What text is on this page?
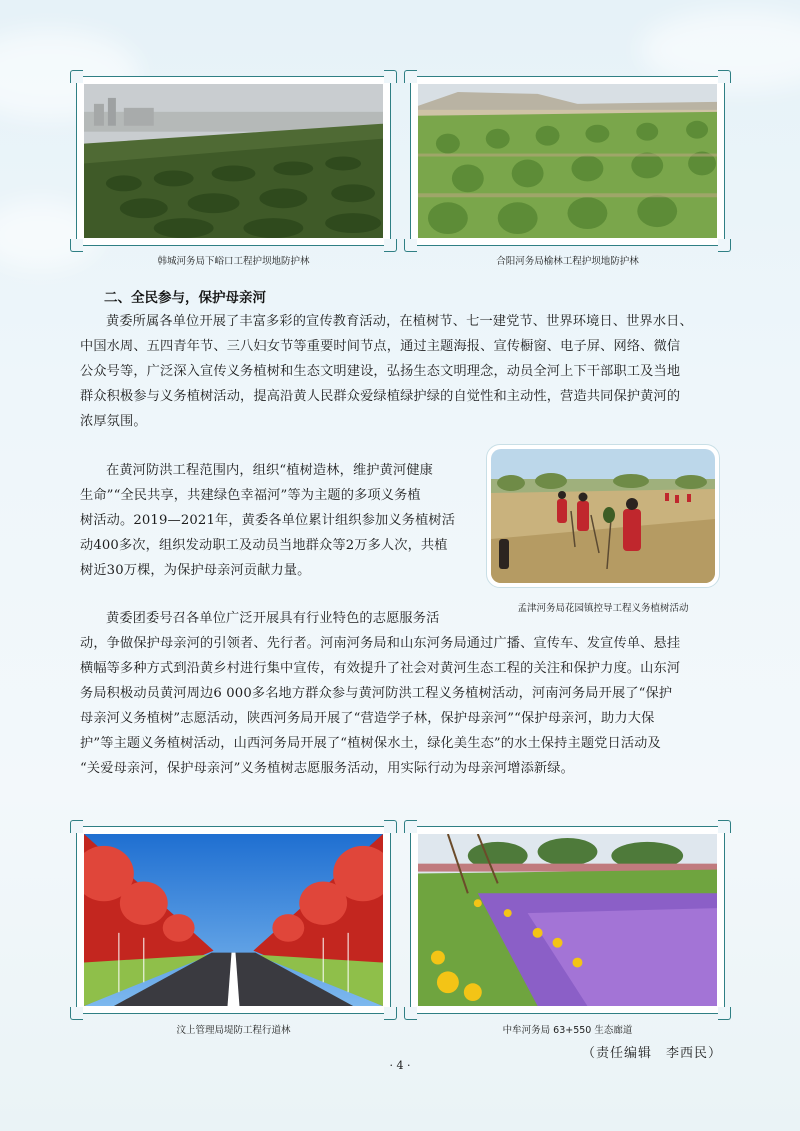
韩城河务局下峪口工程护坝地防护林	合阳河务局榆林工程护坝地防护林
二、全民参与，保护母亲河
黄委所属各单位开展了丰富多彩的宣传教育活动，在植树节、七一建党节、世界环境日、世界水日、
中国水周、五四青年节、三八妇女节等重要时间节点，通过主题海报、宣传橱窗、电子屏、网络、微信
公众号等，广泛深入宣传义务植树和生态文明建设，弘扬生态文明理念，动员全河上下干部职工及当地
群众积极参与义务植树活动，提高沿黄人民群众爱绿植绿护绿的自觉性和主动性，营造共同保护黄河的
浓厚氛围。
在黄河防洪工程范围内，组织“植树造林，维护黄河健康
生命”“全民共享，共建绿色幸福河”等为主题的多项义务植
树活动。2019—2021年，黄委各单位累计组织参加义务植树活
动400多次，组织发动职工及动员当地群众等2万多人次，共植
树近30万棵，为保护母亲河贡献力量。
孟津河务局花园镇控导工程义务植树活动
黄委团委号召各单位广泛开展具有行业特色的志愿服务活
动，争做保护母亲河的引领者、先行者。河南河务局和山东河务局通过广播、宣传车、发宣传单、悬挂
横幅等多种方式到沿黄乡村进行集中宣传，有效提升了社会对黄河生态工程的关注和保护力度。山东河
务局积极动员黄河周边6 000多名地方群众参与黄河防洪工程义务植树活动，河南河务局开展了“保护
母亲河义务植树”志愿活动，陕西河务局开展了“营造学子林，保护母亲河”“保护母亲河，助力大保
护”等主题义务植树活动，山西河务局开展了“植树保水土，绿化美生态”的水土保持主题党日活动及
“关爱母亲河，保护母亲河”义务植树志愿服务活动，用实际行动为母亲河增添新绿。
汶上管理局堤防工程行道林	中牟河务局 63+550 生态廊道
（责任编辑　李西民）
· 4 ·
